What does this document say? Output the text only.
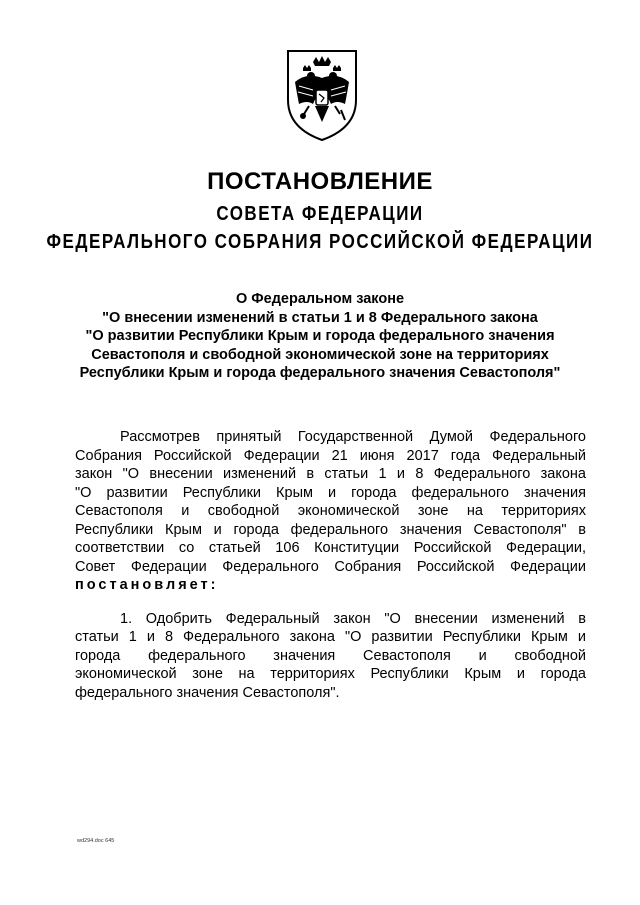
ПОСТАНОВЛЕНИЕ
СОВЕТА ФЕДЕРАЦИИ
ФЕДЕРАЛЬНОГО СОБРАНИЯ РОССИЙСКОЙ ФЕДЕРАЦИИ
О Федеральном законе
"О внесении изменений в статьи 1 и 8 Федерального закона
"О развитии Республики Крым и города федерального значения
Севастополя и свободной экономической зоне на территориях
Республики Крым и города федерального значения Севастополя"
Рассмотрев принятый Государственной Думой Федерального
Собрания Российской Федерации 21 июня 2017 года Федеральный
закон "О внесении изменений в статьи 1 и 8 Федерального закона
"О развитии Республики Крым и города федерального значения
Севастополя и свободной экономической зоне на территориях
Республики Крым и города федерального значения Севастополя" в
соответствии со статьей 106 Конституции Российской Федерации,
Совет Федерации Федерального Собрания Российской Федерации
постановляет:
1. Одобрить Федеральный закон "О внесении изменений в
статьи 1 и 8 Федерального закона "О развитии Республики Крым и
города федерального значения Севастополя и свободной
экономической зоне на территориях Республики Крым и города
федерального значения Севастополя".
wd294.doc 645
